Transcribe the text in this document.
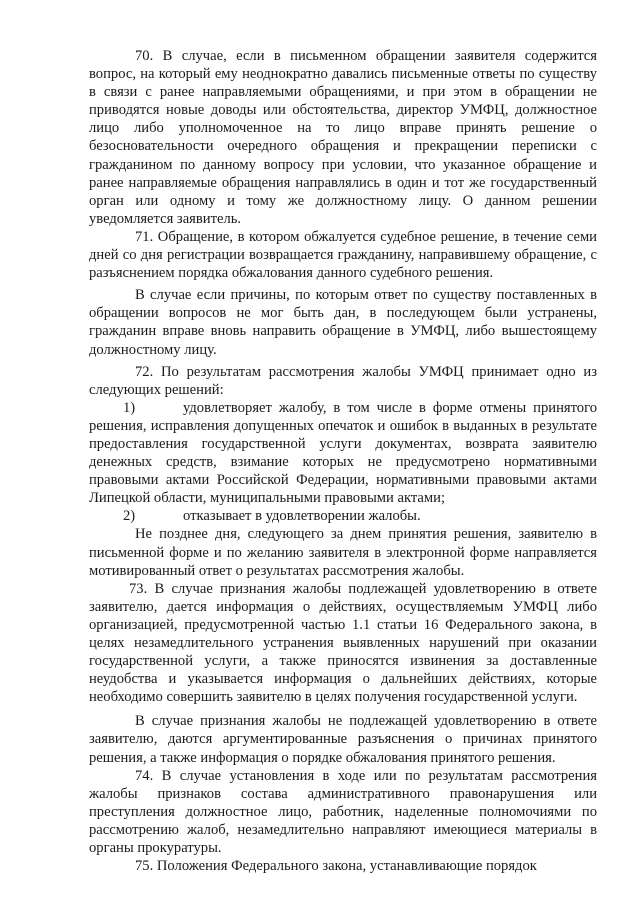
70. В случае, если в письменном обращении заявителя содержится вопрос, на который ему неоднократно давались письменные ответы по существу в связи с ранее направляемыми обращениями, и при этом в обращении не приводятся новые доводы или обстоятельства, директор УМФЦ, должностное лицо либо уполномоченное на то лицо вправе принять решение о безосновательности очередного обращения и прекращении переписки с гражданином по данному вопросу при условии, что указанное обращение и ранее направляемые обращения направлялись в один и тот же государственный орган или одному и тому же должностному лицу. О данном решении уведомляется заявитель.

71. Обращение, в котором обжалуется судебное решение, в течение семи дней со дня регистрации возвращается гражданину, направившему обращение, с разъяснением порядка обжалования данного судебного решения.

В случае если причины, по которым ответ по существу поставленных в обращении вопросов не мог быть дан, в последующем были устранены, гражданин вправе вновь направить обращение в УМФЦ, либо вышестоящему должностному лицу.

72. По результатам рассмотрения жалобы УМФЦ принимает одно из следующих решений:

1)	удовлетворяет жалобу, в том числе в форме отмены принятого решения, исправления допущенных опечаток и ошибок в выданных в результате предоставления государственной услуги документах, возврата заявителю денежных средств, взимание которых не предусмотрено нормативными правовыми актами Российской Федерации, нормативными правовыми актами Липецкой области, муниципальными правовыми актами;

2)	отказывает в удовлетворении жалобы.

Не позднее дня, следующего за днем принятия решения, заявителю в письменной форме и по желанию заявителя в электронной форме направляется мотивированный ответ о результатах рассмотрения жалобы.

73. В случае признания жалобы подлежащей удовлетворению в ответе заявителю, дается информация о действиях, осуществляемым УМФЦ либо организацией, предусмотренной частью 1.1 статьи 16 Федерального закона, в целях незамедлительного устранения выявленных нарушений при оказании государственной услуги, а также приносятся извинения за доставленные неудобства и указывается информация о дальнейших действиях, которые необходимо совершить заявителю в целях получения государственной услуги.

В случае признания жалобы не подлежащей удовлетворению в ответе заявителю, даются аргументированные разъяснения о причинах принятого решения, а также информация о порядке обжалования принятого решения.

74. В случае установления в ходе или по результатам рассмотрения жалобы признаков состава административного правонарушения или преступления должностное лицо, работник, наделенные полномочиями по рассмотрению жалоб, незамедлительно направляют имеющиеся материалы в органы прокуратуры.

75. Положения Федерального закона, устанавливающие порядок
